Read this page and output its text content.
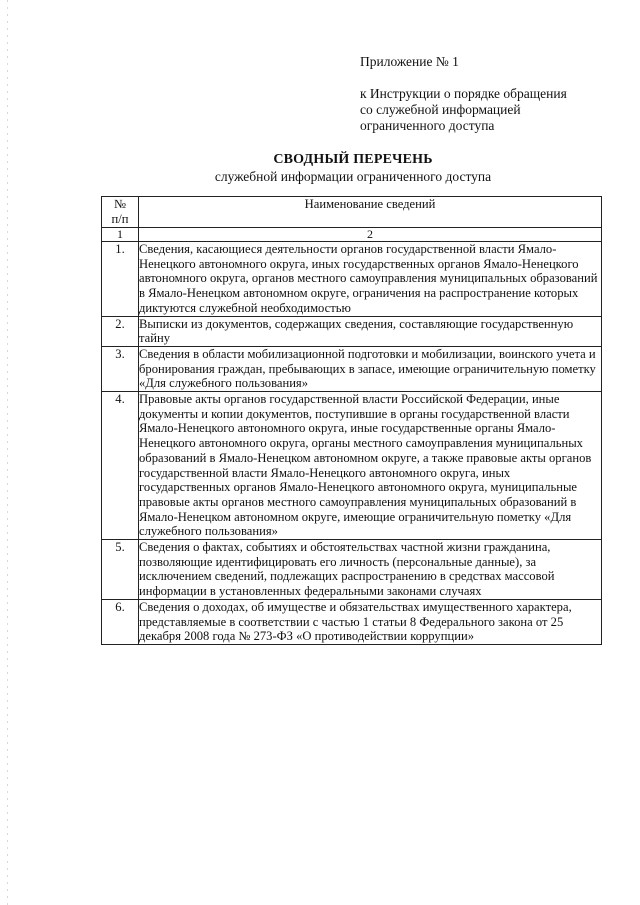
Приложение № 1
к Инструкции о порядке обращения
со служебной информацией
ограниченного доступа
СВОДНЫЙ ПЕРЕЧЕНЬ
служебной информации ограниченного доступа
№
п/п	Наименование сведений
1	2
1.	Сведения, касающиеся деятельности органов государственной власти Ямало-Ненецкого автономного округа, иных государственных органов Ямало-Ненецкого автономного округа, органов местного самоуправления муниципальных образований в Ямало-Ненецком автономном округе, ограничения на распространение которых диктуются служебной необходимостью
2.	Выписки из документов, содержащих сведения, составляющие государственную тайну
3.	Сведения в области мобилизационной подготовки и мобилизации, воинского учета и бронирования граждан, пребывающих в запасе, имеющие ограничительную пометку «Для служебного пользования»
4.	Правовые акты органов государственной власти Российской Федерации, иные документы и копии документов, поступившие в органы государственной власти Ямало-Ненецкого автономного округа, иные государственные органы Ямало-Ненецкого автономного округа, органы местного самоуправления муниципальных образований в Ямало-Ненецком автономном округе, а также правовые акты органов государственной власти Ямало-Ненецкого автономного округа, иных государственных органов Ямало-Ненецкого автономного округа, муниципальные правовые акты органов местного самоуправления муниципальных образований в Ямало-Ненецком автономном округе, имеющие ограничительную пометку «Для служебного пользования»
5.	Сведения о фактах, событиях и обстоятельствах частной жизни гражданина, позволяющие идентифицировать его личность (персональные данные), за исключением сведений, подлежащих распространению в средствах массовой информации в установленных федеральными законами случаях
6.	Сведения о доходах, об имуществе и обязательствах имущественного характера, представляемые в соответствии с частью 1 статьи 8 Федерального закона от 25 декабря 2008 года № 273-ФЗ «О противодействии коррупции»
